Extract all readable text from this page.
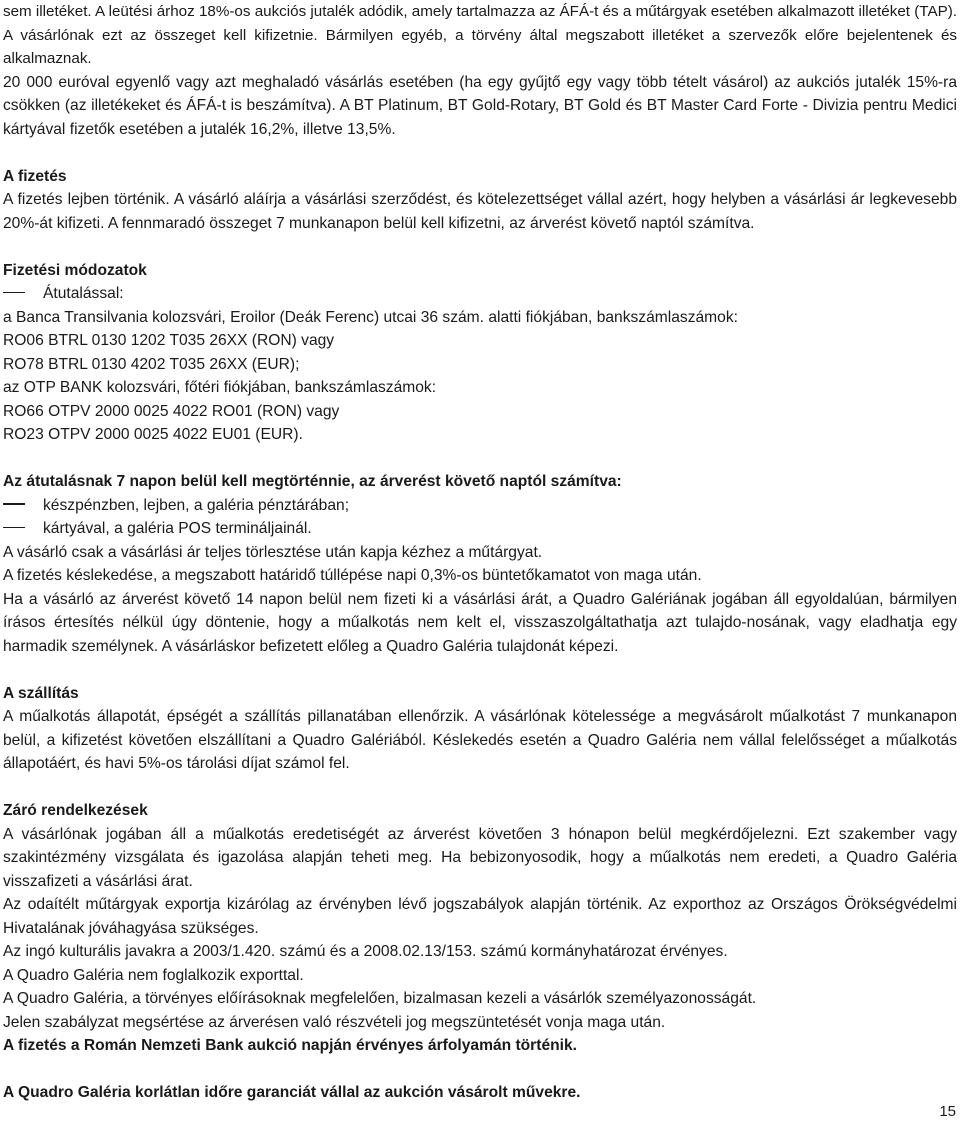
sem illetéket. A leütési árhoz 18%-os aukciós jutalék adódik, amely tartalmazza az ÁFÁ-t és a műtárgyak esetében alkalmazott illetéket (TAP). A vásárlónak ezt az összeget kell kifizetnie. Bármilyen egyéb, a törvény által megszabott illetéket a szervezők előre bejelentenek és alkalmaznak.

20 000 euróval egyenlő vagy azt meghaladó vásárlás esetében (ha egy gyűjtő egy vagy több tételt vásárol) az aukciós jutalék 15%-ra csökken (az illetékeket és ÁFÁ-t is beszámítva). A BT Platinum, BT Gold-Rotary, BT Gold és BT Master Card Forte - Divizia pentru Medici kártyával fizetők esetében a jutalék 16,2%, illetve 13,5%.

A fizetés

A fizetés lejben történik. A vásárló aláírja a vásárlási szerződést, és kötelezettséget vállal azért, hogy helyben a vásárlási ár legkevesebb 20%-át kifizeti. A fennmaradó összeget 7 munkanapon belül kell kifizetni, az árverést követő naptól számítva.

Fizetési módozatok

Átutalással:

a Banca Transilvania kolozsvári, Eroilor (Deák Ferenc) utcai 36 szám. alatti fiókjában, bankszámlaszámok:

RO06 BTRL 0130 1202 T035 26XX (RON) vagy

RO78 BTRL 0130 4202 T035 26XX (EUR);

az OTP BANK kolozsvári, főtéri fiókjában, bankszámlaszámok:

RO66 OTPV 2000 0025 4022 RO01 (RON) vagy

RO23 OTPV 2000 0025 4022 EU01 (EUR).

Az átutalásnak 7 napon belül kell megtörténnie, az árverést követő naptól számítva:

készpénzben, lejben, a galéria pénztárában;
kártyával, a galéria POS termináljainál.

A vásárló csak a vásárlási ár teljes törlesztése után kapja kézhez a műtárgyat.

A fizetés késlekedése, a megszabott határidő túllépése napi 0,3%-os büntetőkamatot von maga után.

Ha a vásárló az árverést követő 14 napon belül nem fizeti ki a vásárlási árát, a Quadro Galériának jogában áll egyoldalúan, bármilyen írásos értesítés nélkül úgy döntenie, hogy a műalkotás nem kelt el, visszaszolgáltathatja azt tulajdo-nosának, vagy eladhatja egy harmadik személynek. A vásárláskor befizetett előleg a Quadro Galéria tulajdonát képezi.

A szállítás

A műalkotás állapotát, épségét a szállítás pillanatában ellenőrzik. A vásárlónak kötelessége a megvásárolt műalkotást 7 munkanapon belül, a kifizetést követően elszállítani a Quadro Galériából. Késlekedés esetén a Quadro Galéria nem vállal felelősséget a műalkotás állapotáért, és havi 5%-os tárolási díjat számol fel.

Záró rendelkezések

A vásárlónak jogában áll a műalkotás eredetiségét az árverést követően 3 hónapon belül megkérdőjelezni. Ezt szakember vagy szakintézmény vizsgálata és igazolása alapján teheti meg. Ha bebizonyosodik, hogy a műalkotás nem eredeti, a Quadro Galéria visszafizeti a vásárlási árat.

Az odaítélt műtárgyak exportja kizárólag az érvényben lévő jogszabályok alapján történik. Az exporthoz az Országos Örökségvédelmi Hivatalának jóváhagyása szükséges.

Az ingó kulturális javakra a 2003/1.420. számú és a 2008.02.13/153. számú kormányhatározat érvényes.

A Quadro Galéria nem foglalkozik exporttal.

A Quadro Galéria, a törvényes előírásoknak megfelelően, bizalmasan kezeli a vásárlók személyazonosságát.

Jelen szabályzat megsértése az árverésen való részvételi jog megszüntetését vonja maga után.

A fizetés a Román Nemzeti Bank aukció napján érvényes árfolyamán történik.

A Quadro Galéria korlátlan időre garanciát vállal az aukción vásárolt művekre.

15
